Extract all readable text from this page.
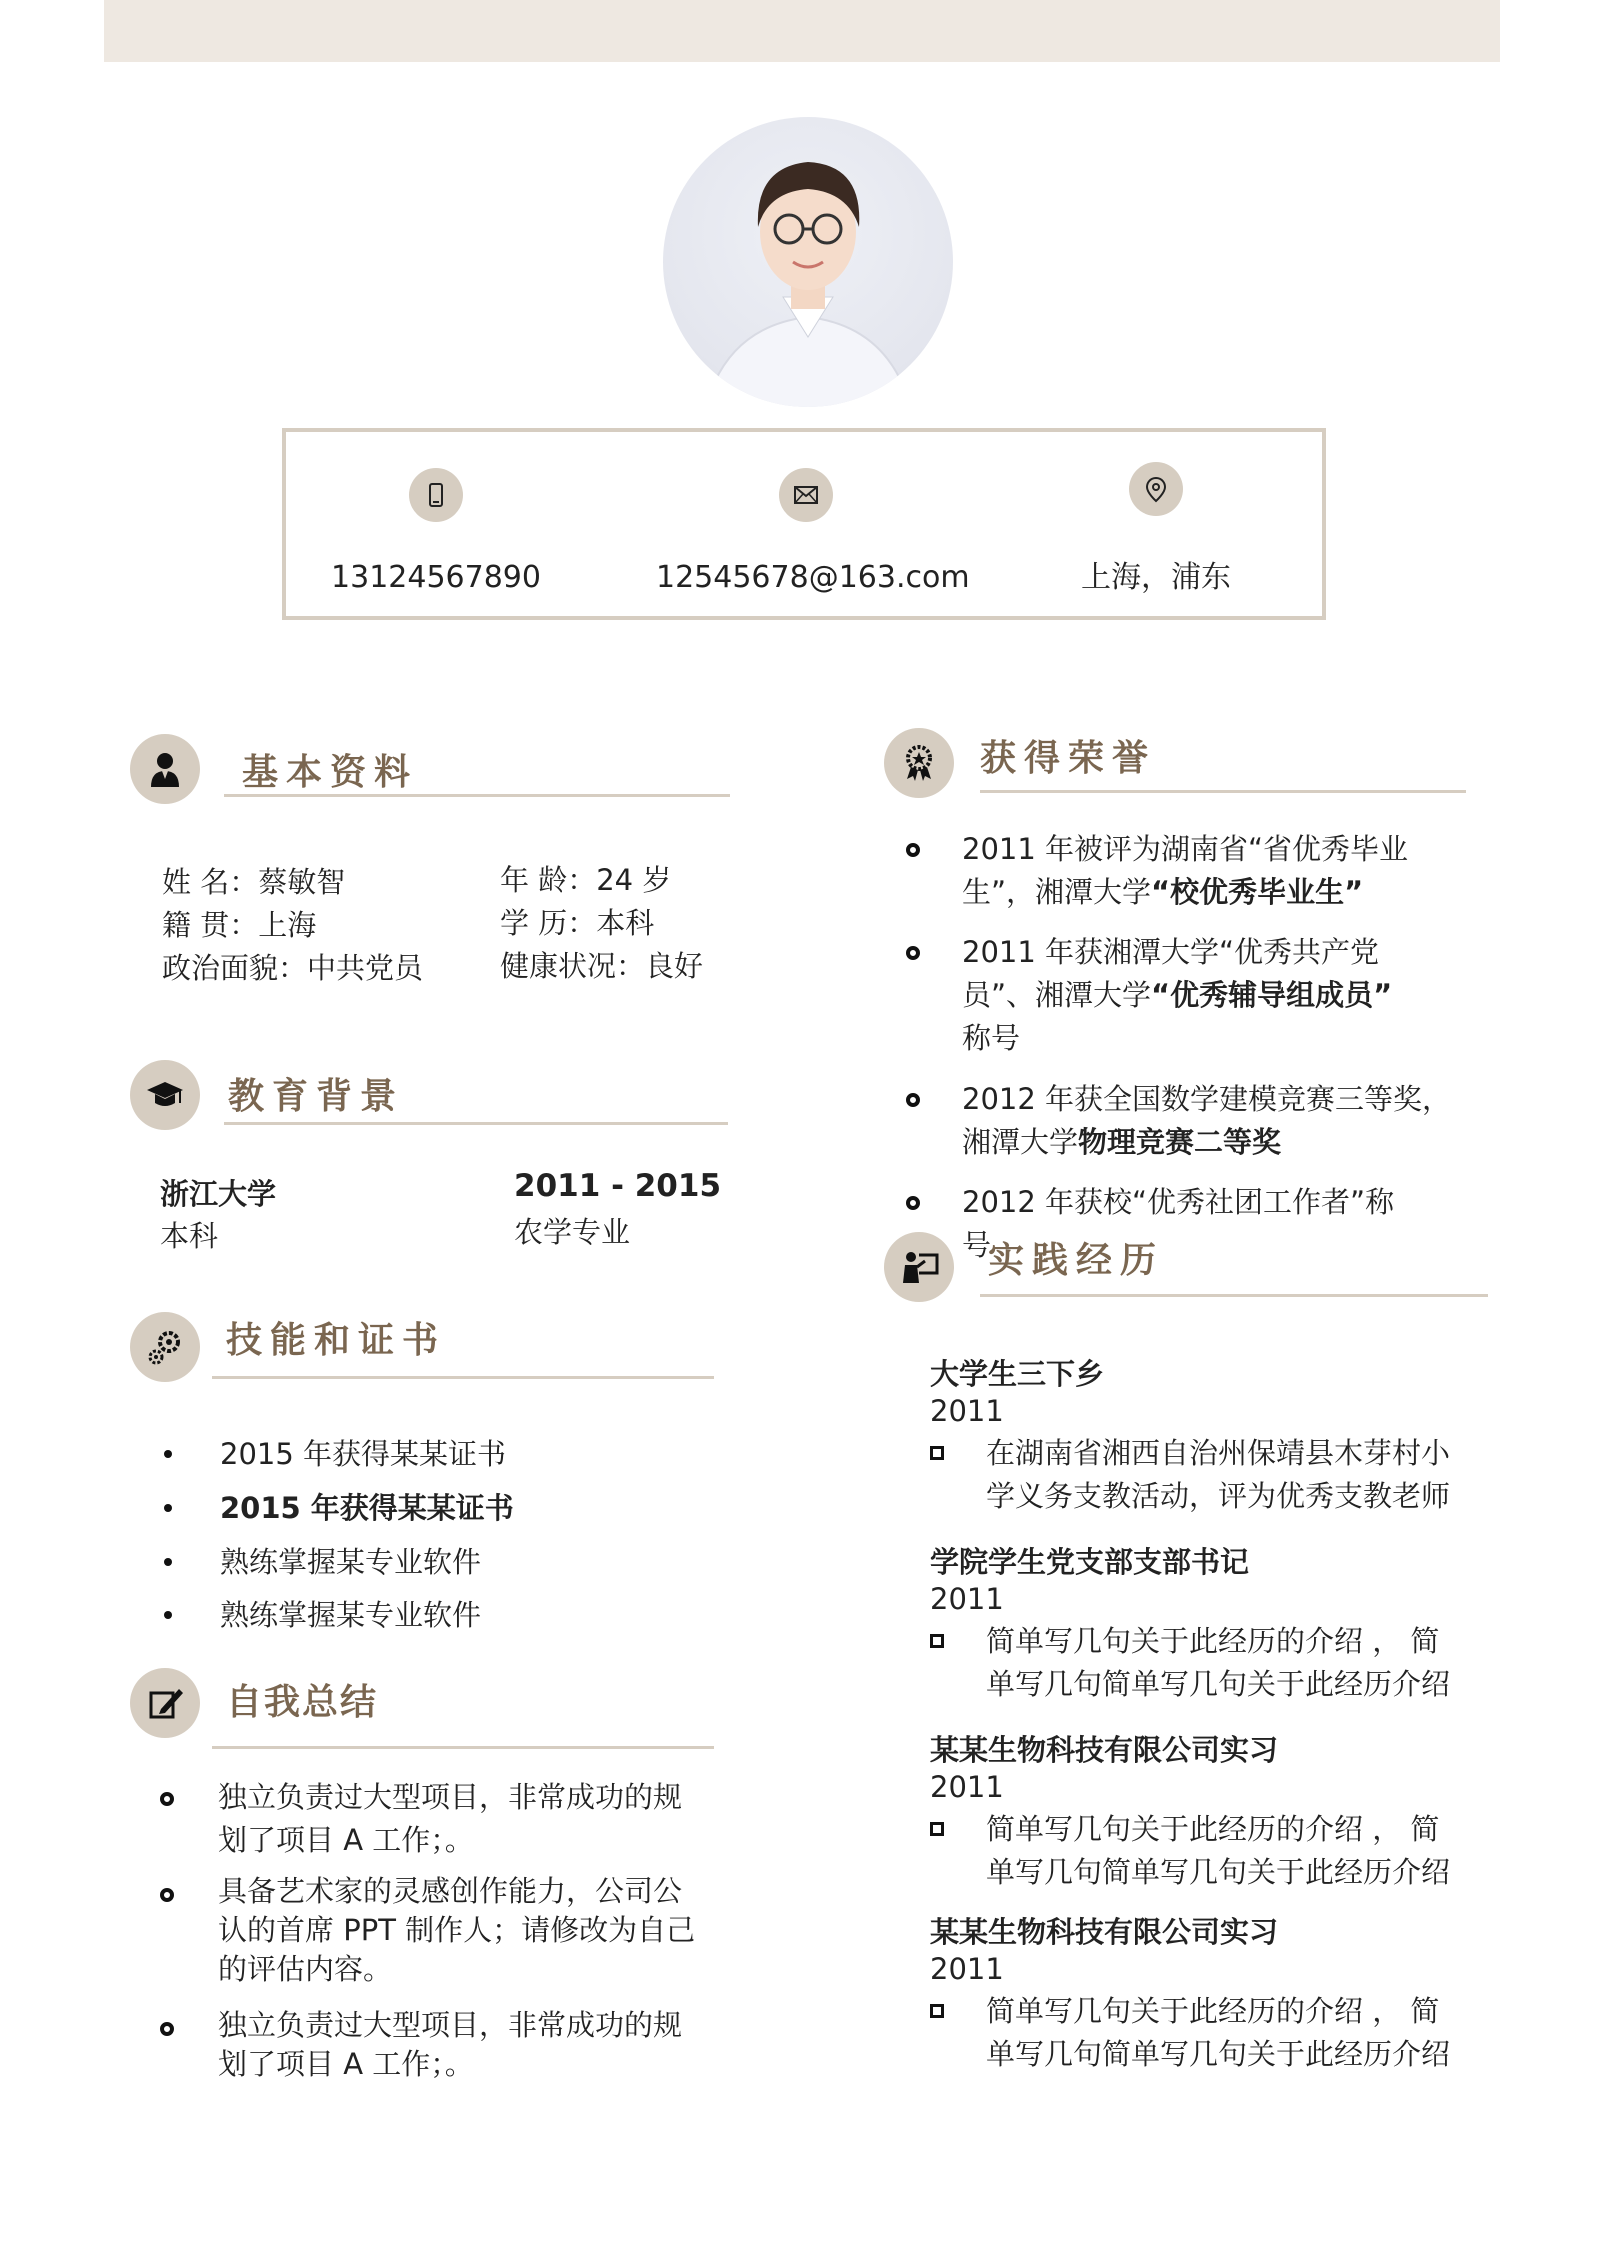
13124567890	12545678@163.com	上海，浦东
基本资料
姓 名：蔡敏智
籍 贯：上海
政治面貌：中共党员
年 龄：24 岁
学 历：本科
健康状况：良好
教育背景
浙江大学
本科
2011 - 2015
农学专业
技能和证书
2015 年获得某某证书
2015 年获得某某证书
熟练掌握某专业软件
熟练掌握某专业软件
自我总结
独立负责过大型项目，非常成功的规
划了项目 A 工作；。
具备艺术家的灵感创作能力，公司公
认的首席 PPT 制作人；请修改为自己
的评估内容。
独立负责过大型项目，非常成功的规
划了项目 A 工作；。
获得荣誉
2011 年被评为湖南省“省优秀毕业
生”，湘潭大学“校优秀毕业生”
2011 年获湘潭大学“优秀共产党
员”、湘潭大学“优秀辅导组成员”
称号
2012 年获全国数学建模竞赛三等奖，
湘潭大学物理竞赛二等奖
2012 年获校“优秀社团工作者”称
号
实践经历
大学生三下乡
2011
在湖南省湘西自治州保靖县木芽村小
学义务支教活动，评为优秀支教老师
学院学生党支部支部书记
2011
简单写几句关于此经历的介绍 ， 简
单写几句简单写几句关于此经历介绍
某某生物科技有限公司实习
2011
简单写几句关于此经历的介绍 ， 简
单写几句简单写几句关于此经历介绍
某某生物科技有限公司实习
2011
简单写几句关于此经历的介绍 ， 简
单写几句简单写几句关于此经历介绍
